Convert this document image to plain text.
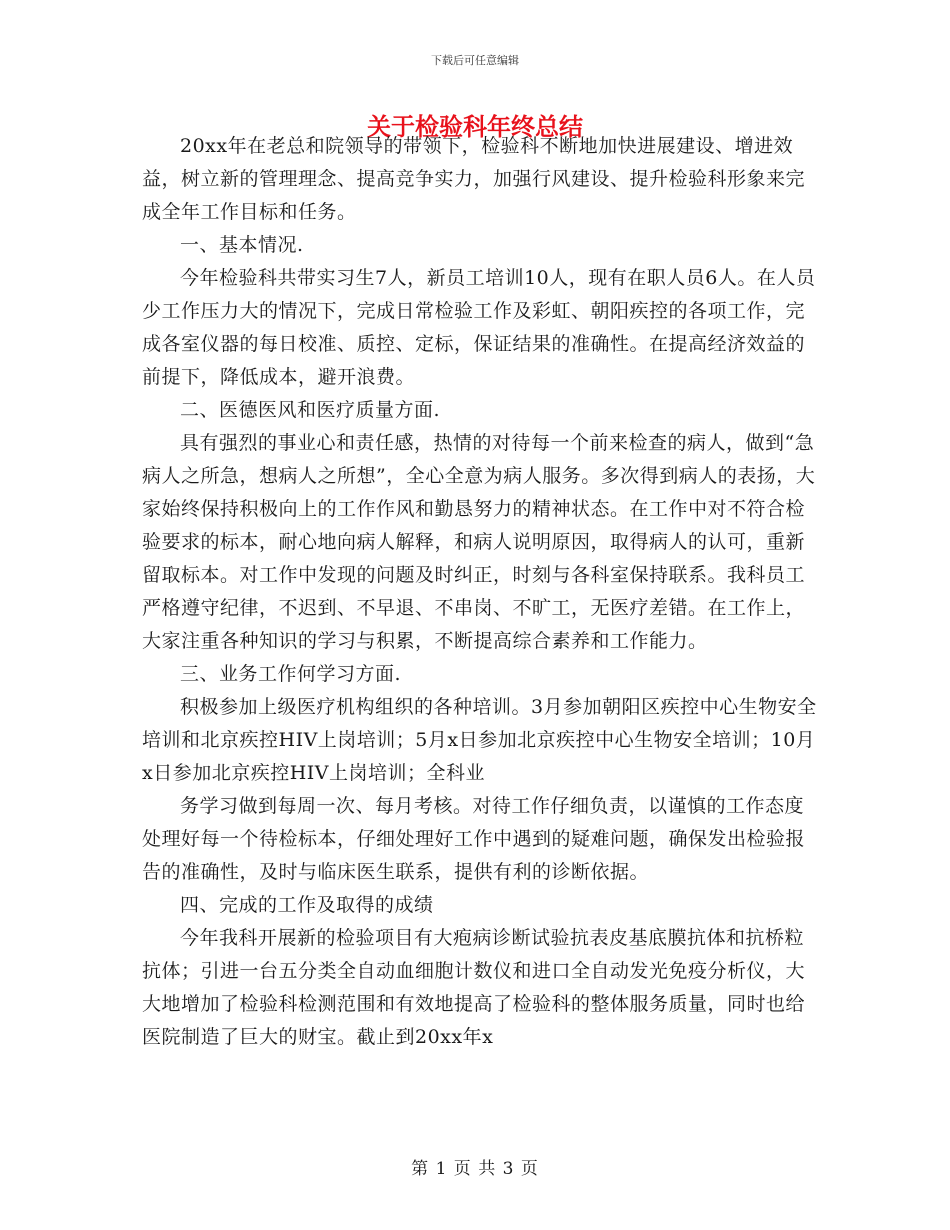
下载后可任意编辑
关于检验科年终总结

20xx年在老总和院领导的带领下，检验科不断地加快进展建设、增进效益，树立新的管理理念、提高竞争实力，加强行风建设、提升检验科形象来完成全年工作目标和任务。

一、基本情况.

今年检验科共带实习生7人，新员工培训10人，现有在职人员6人。在人员少工作压力大的情况下，完成日常检验工作及彩虹、朝阳疾控的各项工作，完成各室仪器的每日校准、质控、定标，保证结果的准确性。在提高经济效益的前提下，降低成本，避开浪费。

二、医德医风和医疗质量方面.

具有强烈的事业心和责任感，热情的对待每一个前来检查的病人，做到“急病人之所急，想病人之所想”，全心全意为病人服务。多次得到病人的表扬，大家始终保持积极向上的工作作风和勤恳努力的精神状态。在工作中对不符合检验要求的标本，耐心地向病人解释，和病人说明原因，取得病人的认可，重新留取标本。对工作中发现的问题及时纠正，时刻与各科室保持联系。我科员工严格遵守纪律，不迟到、不早退、不串岗、不旷工，无医疗差错。在工作上，大家注重各种知识的学习与积累，不断提高综合素养和工作能力。

三、业务工作何学习方面.

积极参加上级医疗机构组织的各种培训。3月参加朝阳区疾控中心生物安全培训和北京疾控HIV上岗培训；5月x日参加北京疾控中心生物安全培训；10月x日参加北京疾控HIV上岗培训；全科业

务学习做到每周一次、每月考核。对待工作仔细负责，以谨慎的工作态度处理好每一个待检标本，仔细处理好工作中遇到的疑难问题，确保发出检验报告的准确性，及时与临床医生联系，提供有利的诊断依据。

四、完成的工作及取得的成绩

今年我科开展新的检验项目有大疱病诊断试验抗表皮基底膜抗体和抗桥粒抗体；引进一台五分类全自动血细胞计数仪和进口全自动发光免疫分析仪，大大地增加了检验科检测范围和有效地提高了检验科的整体服务质量，同时也给医院制造了巨大的财宝。截止到20xx年x

第 1 页 共 3 页
